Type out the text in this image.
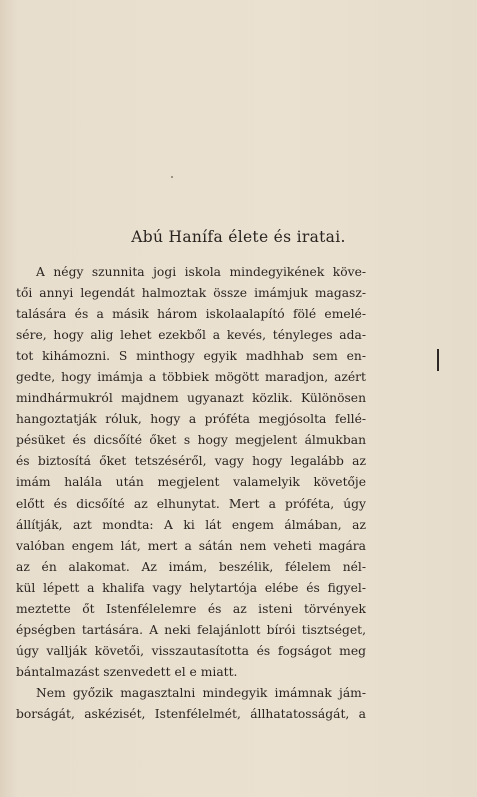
Abú Hanífa élete és iratai.
A négy szunnita jogi iskola mindegyikének köve-
tői annyi legendát halmoztak össze imámjuk magasz-
talására és a másik három iskolaalapító fölé emelé-
sére, hogy alig lehet ezekből a kevés, tényleges ada-
tot kihámozni. S minthogy egyik madhhab sem en-
gedte, hogy imámja a többiek mögött maradjon, azért
mindhármukról majdnem ugyanazt közlik. Különösen
hangoztatják róluk, hogy a próféta megjósolta fellé-
pésüket és dicsőíté őket s hogy megjelent álmukban
és biztosítá őket tetszéséről, vagy hogy legalább az
imám halála után megjelent valamelyik követője
előtt és dicsőíté az elhunytat. Mert a próféta, úgy
állítják, azt mondta: A ki lát engem álmában, az
valóban engem lát, mert a sátán nem veheti magára
az én alakomat. Az imám, beszélik, félelem nél-
kül lépett a khalifa vagy helytartója elébe és figyel-
meztette őt Istenfélelemre és az isteni törvények
épségben tartására. A neki felajánlott bírói tisztséget,
úgy vallják követői, visszautasította és fogságot meg
bántalmazást szenvedett el e miatt.
Nem győzik magasztalni mindegyik imámnak jám-
borságát, askézisét, Istenfélelmét, állhatatosságát, a
